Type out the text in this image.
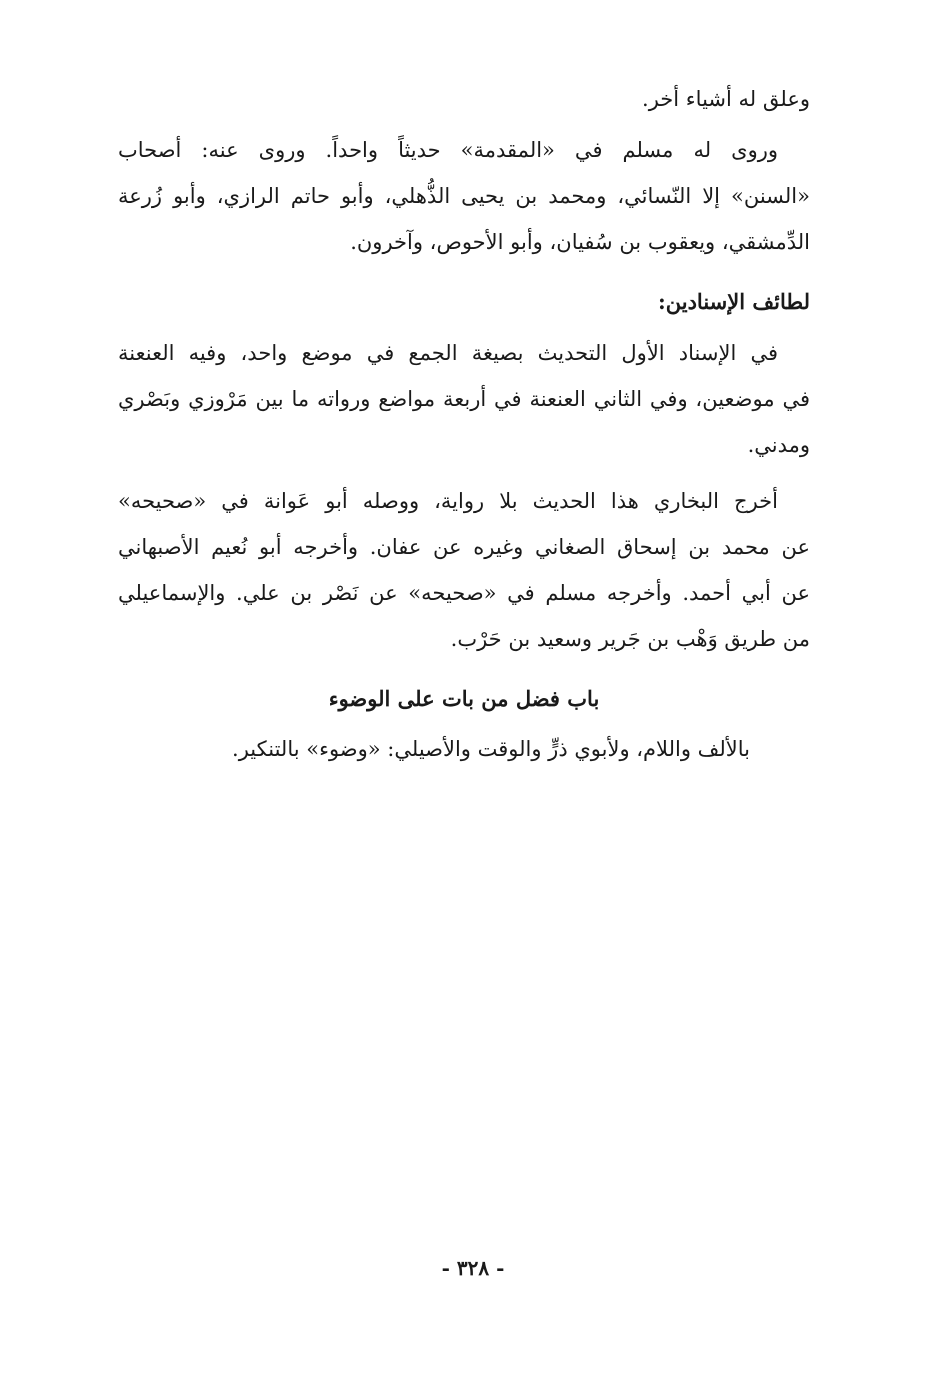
وعلق له أشياء أخر.
وروى له مسلم في «المقدمة» حديثاً واحداً. وروى عنه: أصحاب
«السنن» إلا النّسائي، ومحمد بن يحيى الذُّهلي، وأبو حاتم الرازي، وأبو زُرعة
الدِّمشقي، ويعقوب بن سُفيان، وأبو الأحوص، وآخرون.
لطائف الإسنادين:
في الإسناد الأول التحديث بصيغة الجمع في موضع واحد، وفيه العنعنة
في موضعين، وفي الثاني العنعنة في أربعة مواضع ورواته ما بين مَرْوزي وبَصْري
ومدني.
أخرج البخاري هذا الحديث بلا رواية، ووصله أبو عَوانة في «صحيحه»
عن محمد بن إسحاق الصغاني وغيره عن عفان. وأخرجه أبو نُعيم الأصبهاني
عن أبي أحمد. وأخرجه مسلم في «صحيحه» عن نَصْر بن علي. والإسماعيلي
من طريق وَهْب بن جَرير وسعيد بن حَرْب.
باب فضل من بات على الوضوء
بالألف واللام، ولأبوي ذرٍّ والوقت والأصيلي: «وضوء» بالتنكير.
- ٣٢٨ -
